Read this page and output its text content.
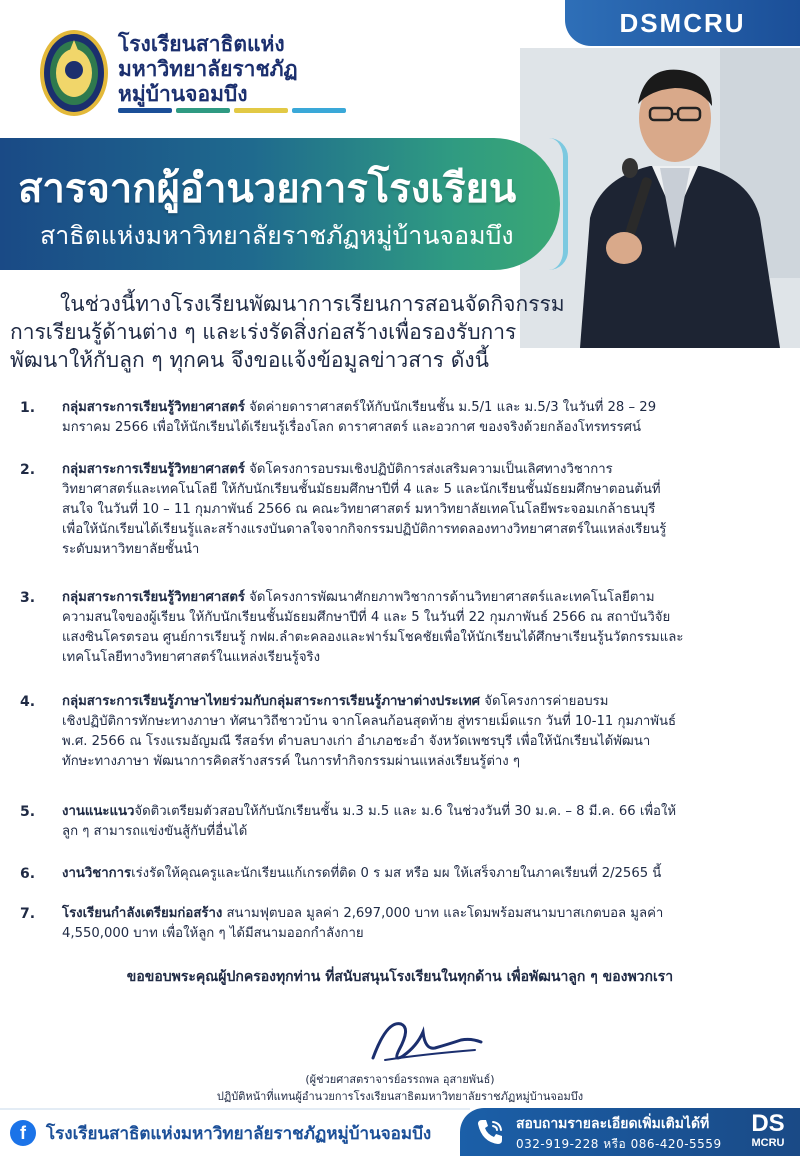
โรงเรียนสาธิตแห่ง
มหาวิทยาลัยราชภัฏ
หมู่บ้านจอมบึง
DSMCRU
สารจากผู้อำนวยการโรงเรียน
สาธิตแห่งมหาวิทยาลัยราชภัฏหมู่บ้านจอมบึง
ในช่วงนี้ทางโรงเรียนพัฒนาการเรียนการสอนจัดกิจกรรม
การเรียนรู้ด้านต่าง ๆ และเร่งรัดสิ่งก่อสร้างเพื่อรองรับการ
พัฒนาให้กับลูก ๆ ทุกคน จึงขอแจ้งข้อมูลข่าวสาร ดังนี้
1.	กลุ่มสาระการเรียนรู้วิทยาศาสตร์ จัดค่ายดาราศาสตร์ให้กับนักเรียนชั้น ม.5/1 และ ม.5/3 ในวันที่ 28 – 29
มกราคม 2566 เพื่อให้นักเรียนได้เรียนรู้เรื่องโลก ดาราศาสตร์ และอวกาศ ของจริงด้วยกล้องโทรทรรศน์
2.	กลุ่มสาระการเรียนรู้วิทยาศาสตร์ จัดโครงการอบรมเชิงปฏิบัติการส่งเสริมความเป็นเลิศทางวิชาการ
วิทยาศาสตร์และเทคโนโลยี ให้กับนักเรียนชั้นมัธยมศึกษาปีที่ 4 และ 5 และนักเรียนชั้นมัธยมศึกษาตอนต้นที่
สนใจ ในวันที่ 10 – 11 กุมภาพันธ์ 2566 ณ คณะวิทยาศาสตร์ มหาวิทยาลัยเทคโนโลยีพระจอมเกล้าธนบุรี
เพื่อให้นักเรียนได้เรียนรู้และสร้างแรงบันดาลใจจากกิจกรรมปฏิบัติการทดลองทางวิทยาศาสตร์ในแหล่งเรียนรู้
ระดับมหาวิทยาลัยชั้นนำ
3.	กลุ่มสาระการเรียนรู้วิทยาศาสตร์ จัดโครงการพัฒนาศักยภาพวิชาการด้านวิทยาศาสตร์และเทคโนโลยีตาม
ความสนใจของผู้เรียน ให้กับนักเรียนชั้นมัธยมศึกษาปีที่ 4 และ 5 ในวันที่ 22 กุมภาพันธ์ 2566 ณ สถาบันวิจัย
แสงซินโครตรอน ศูนย์การเรียนรู้ กฟผ.ลำตะคลองและฟาร์มโชคชัยเพื่อให้นักเรียนได้ศึกษาเรียนรู้นวัตกรรมและ
เทคโนโลยีทางวิทยาศาสตร์ในแหล่งเรียนรู้จริง
4.	กลุ่มสาระการเรียนรู้ภาษาไทยร่วมกับกลุ่มสาระการเรียนรู้ภาษาต่างประเทศ จัดโครงการค่ายอบรม
เชิงปฏิบัติการทักษะทางภาษา ทัศนาวิถีชาวบ้าน จากโคลนก้อนสุดท้าย สู่ทรายเม็ดแรก วันที่ 10-11 กุมภาพันธ์
พ.ศ. 2566 ณ โรงแรมอัญมณี รีสอร์ท ตำบลบางเก่า อำเภอชะอำ จังหวัดเพชรบุรี เพื่อให้นักเรียนได้พัฒนา
ทักษะทางภาษา พัฒนาการคิดสร้างสรรค์ ในการทำกิจกรรมผ่านแหล่งเรียนรู้ต่าง ๆ
5.	งานแนะแนวจัดติวเตรียมตัวสอบให้กับนักเรียนชั้น ม.3 ม.5 และ ม.6 ในช่วงวันที่ 30 ม.ค. – 8 มี.ค. 66 เพื่อให้
ลูก ๆ สามารถแข่งขันสู้กับที่อื่นได้
6.	งานวิชาการเร่งรัดให้คุณครูและนักเรียนแก้เกรดที่ติด 0 ร มส หรือ มผ ให้เสร็จภายในภาคเรียนที่ 2/2565 นี้
7.	โรงเรียนกำลังเตรียมก่อสร้าง สนามฟุตบอล มูลค่า 2,697,000 บาท และโดมพร้อมสนามบาสเกตบอล มูลค่า
4,550,000 บาท เพื่อให้ลูก ๆ ได้มีสนามออกกำลังกาย
ขอขอบพระคุณผู้ปกครองทุกท่าน ที่สนับสนุนโรงเรียนในทุกด้าน เพื่อพัฒนาลูก ๆ ของพวกเรา
(ผู้ช่วยศาสตราจารย์อรรถพล อุสายพันธ์)
ปฏิบัติหน้าที่แทนผู้อำนวยการโรงเรียนสาธิตมหาวิทยาลัยราชภัฏหมู่บ้านจอมบึง
f	โรงเรียนสาธิตแห่งมหาวิทยาลัยราชภัฏหมู่บ้านจอมบึง	สอบถามรายละเอียดเพิ่มเติมได้ที่
032-919-228 หรือ 086-420-5559
DS
MCRU
